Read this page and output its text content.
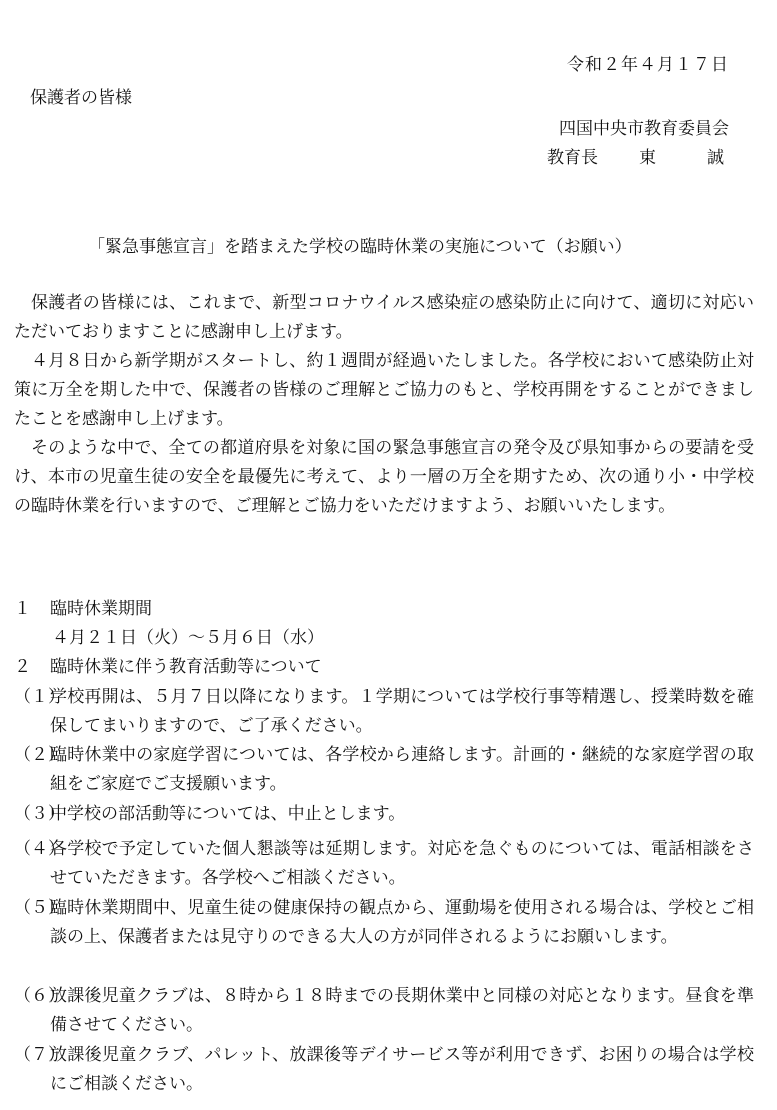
令和２年４月１７日
保護者の皆様
四国中央市教育委員会
教育長 東	誠
「緊急事態宣言」を踏まえた学校の臨時休業の実施について（お願い）

保護者の皆様には、これまで、新型コロナウイルス感染症の感染防止に向けて、適切に対応いただいておりますことに感謝申し上げます。

４月８日から新学期がスタートし、約１週間が経過いたしました。各学校において感染防止対策に万全を期した中で、保護者の皆様のご理解とご協力のもと、学校再開をすることができましたことを感謝申し上げます。

そのような中で、全ての都道府県を対象に国の緊急事態宣言の発令及び県知事からの要請を受け、本市の児童生徒の安全を最優先に考えて、より一層の万全を期すため、次の通り小・中学校の臨時休業を行いますので、ご理解とご協力をいただけますよう、お願いいたします。

１ 臨時休業期間
４月２１日（火）～５月６日（水）
２ 臨時休業に伴う教育活動等について
（１）
学校再開は、５月７日以降になります。１学期については学校行事等精選し、授業時数を確保してまいりますので、ご了承ください。
（２）
臨時休業中の家庭学習については、各学校から連絡します。計画的・継続的な家庭学習の取組をご家庭でご支援願います。
（３）
中学校の部活動等については、中止とします。
（４）
各学校で予定していた個人懇談等は延期します。対応を急ぐものについては、電話相談をさせていただきます。各学校へご相談ください。
（５）
臨時休業期間中、児童生徒の健康保持の観点から、運動場を使用される場合は、学校とご相談の上、保護者または見守りのできる大人の方が同伴されるようにお願いします。
（６）
放課後児童クラブは、８時から１８時までの長期休業中と同様の対応となります。昼食を準備させてください。
（７）
放課後児童クラブ、パレット、放課後等デイサービス等が利用できず、お困りの場合は学校にご相談ください。
